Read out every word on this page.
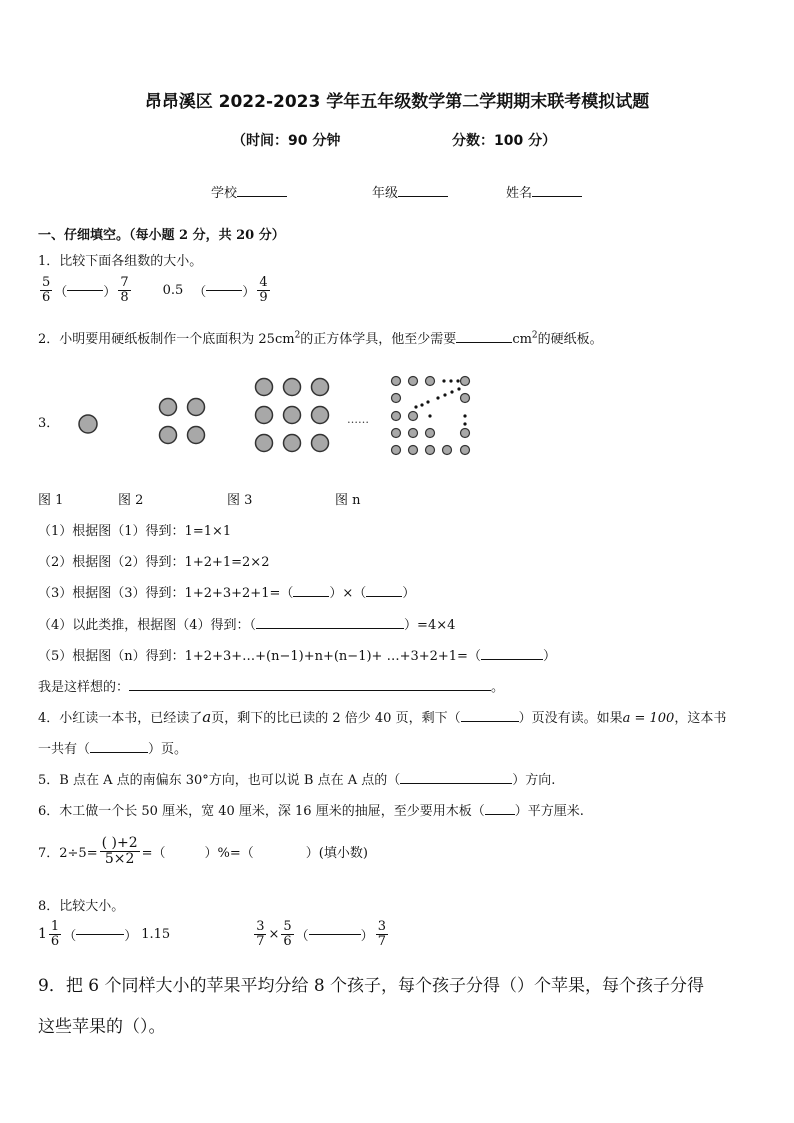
昂昂溪区 2022-2023 学年五年级数学第二学期期末联考模拟试题
（时间：90 分钟	分数：100 分）
学校	年级	姓名
一、仔细填空。（每小题 2 分，共 20 分）
1．比较下面各组数的大小。
$\frac{5}{6}$ （	） $\frac{7}{8} 0.5$ （	） $\frac{4}{9}$
2．小明要用硬纸板制作一个底面积为 $25cm^2$的正方体学具，他至少需要	$cm^2$的硬纸板。
3．	……
图 1	图 2	图 3	图 n
（1）根据图（1）得到：1=1×1
（2）根据图（2）得到：1+2+1=2×2
（3）根据图（3）得到：1+2+3+2+1=（	）×（	）
（4）以此类推，根据图（4）得到：（	）=4×4
（5）根据图（n）得到：1+2+3+…+(n−1)+n+(n−1)+ …+3+2+1=（	）
我是这样想的：	。
4．小红读一本书，已经读了a页，剩下的比已读的 2 倍少 40 页，剩下（	）页没有读。如果a = 100，这本书
一共有（	）页。
5．B 点在 A 点的南偏东 30°方向，也可以说 B 点在 A 点的（	）方向.
6．木工做一个长 50 厘米，宽 40 厘米，深 16 厘米的抽屉，至少要用木板（ ）平方厘米.
7．$2\div 5= \frac{( )+2}{5\times 2}$ =（　　　）%=（　　　　）(填小数)
8．比较大小。
$1 \frac{1}{6}$ （	） 1.15	$\frac{3}{7} \times \frac{5}{6}$ （	） $\frac{3}{7}$
9．把 6 个同样大小的苹果平均分给 8 个孩子，每个孩子分得（）个苹果，每个孩子分得
这些苹果的（）。
